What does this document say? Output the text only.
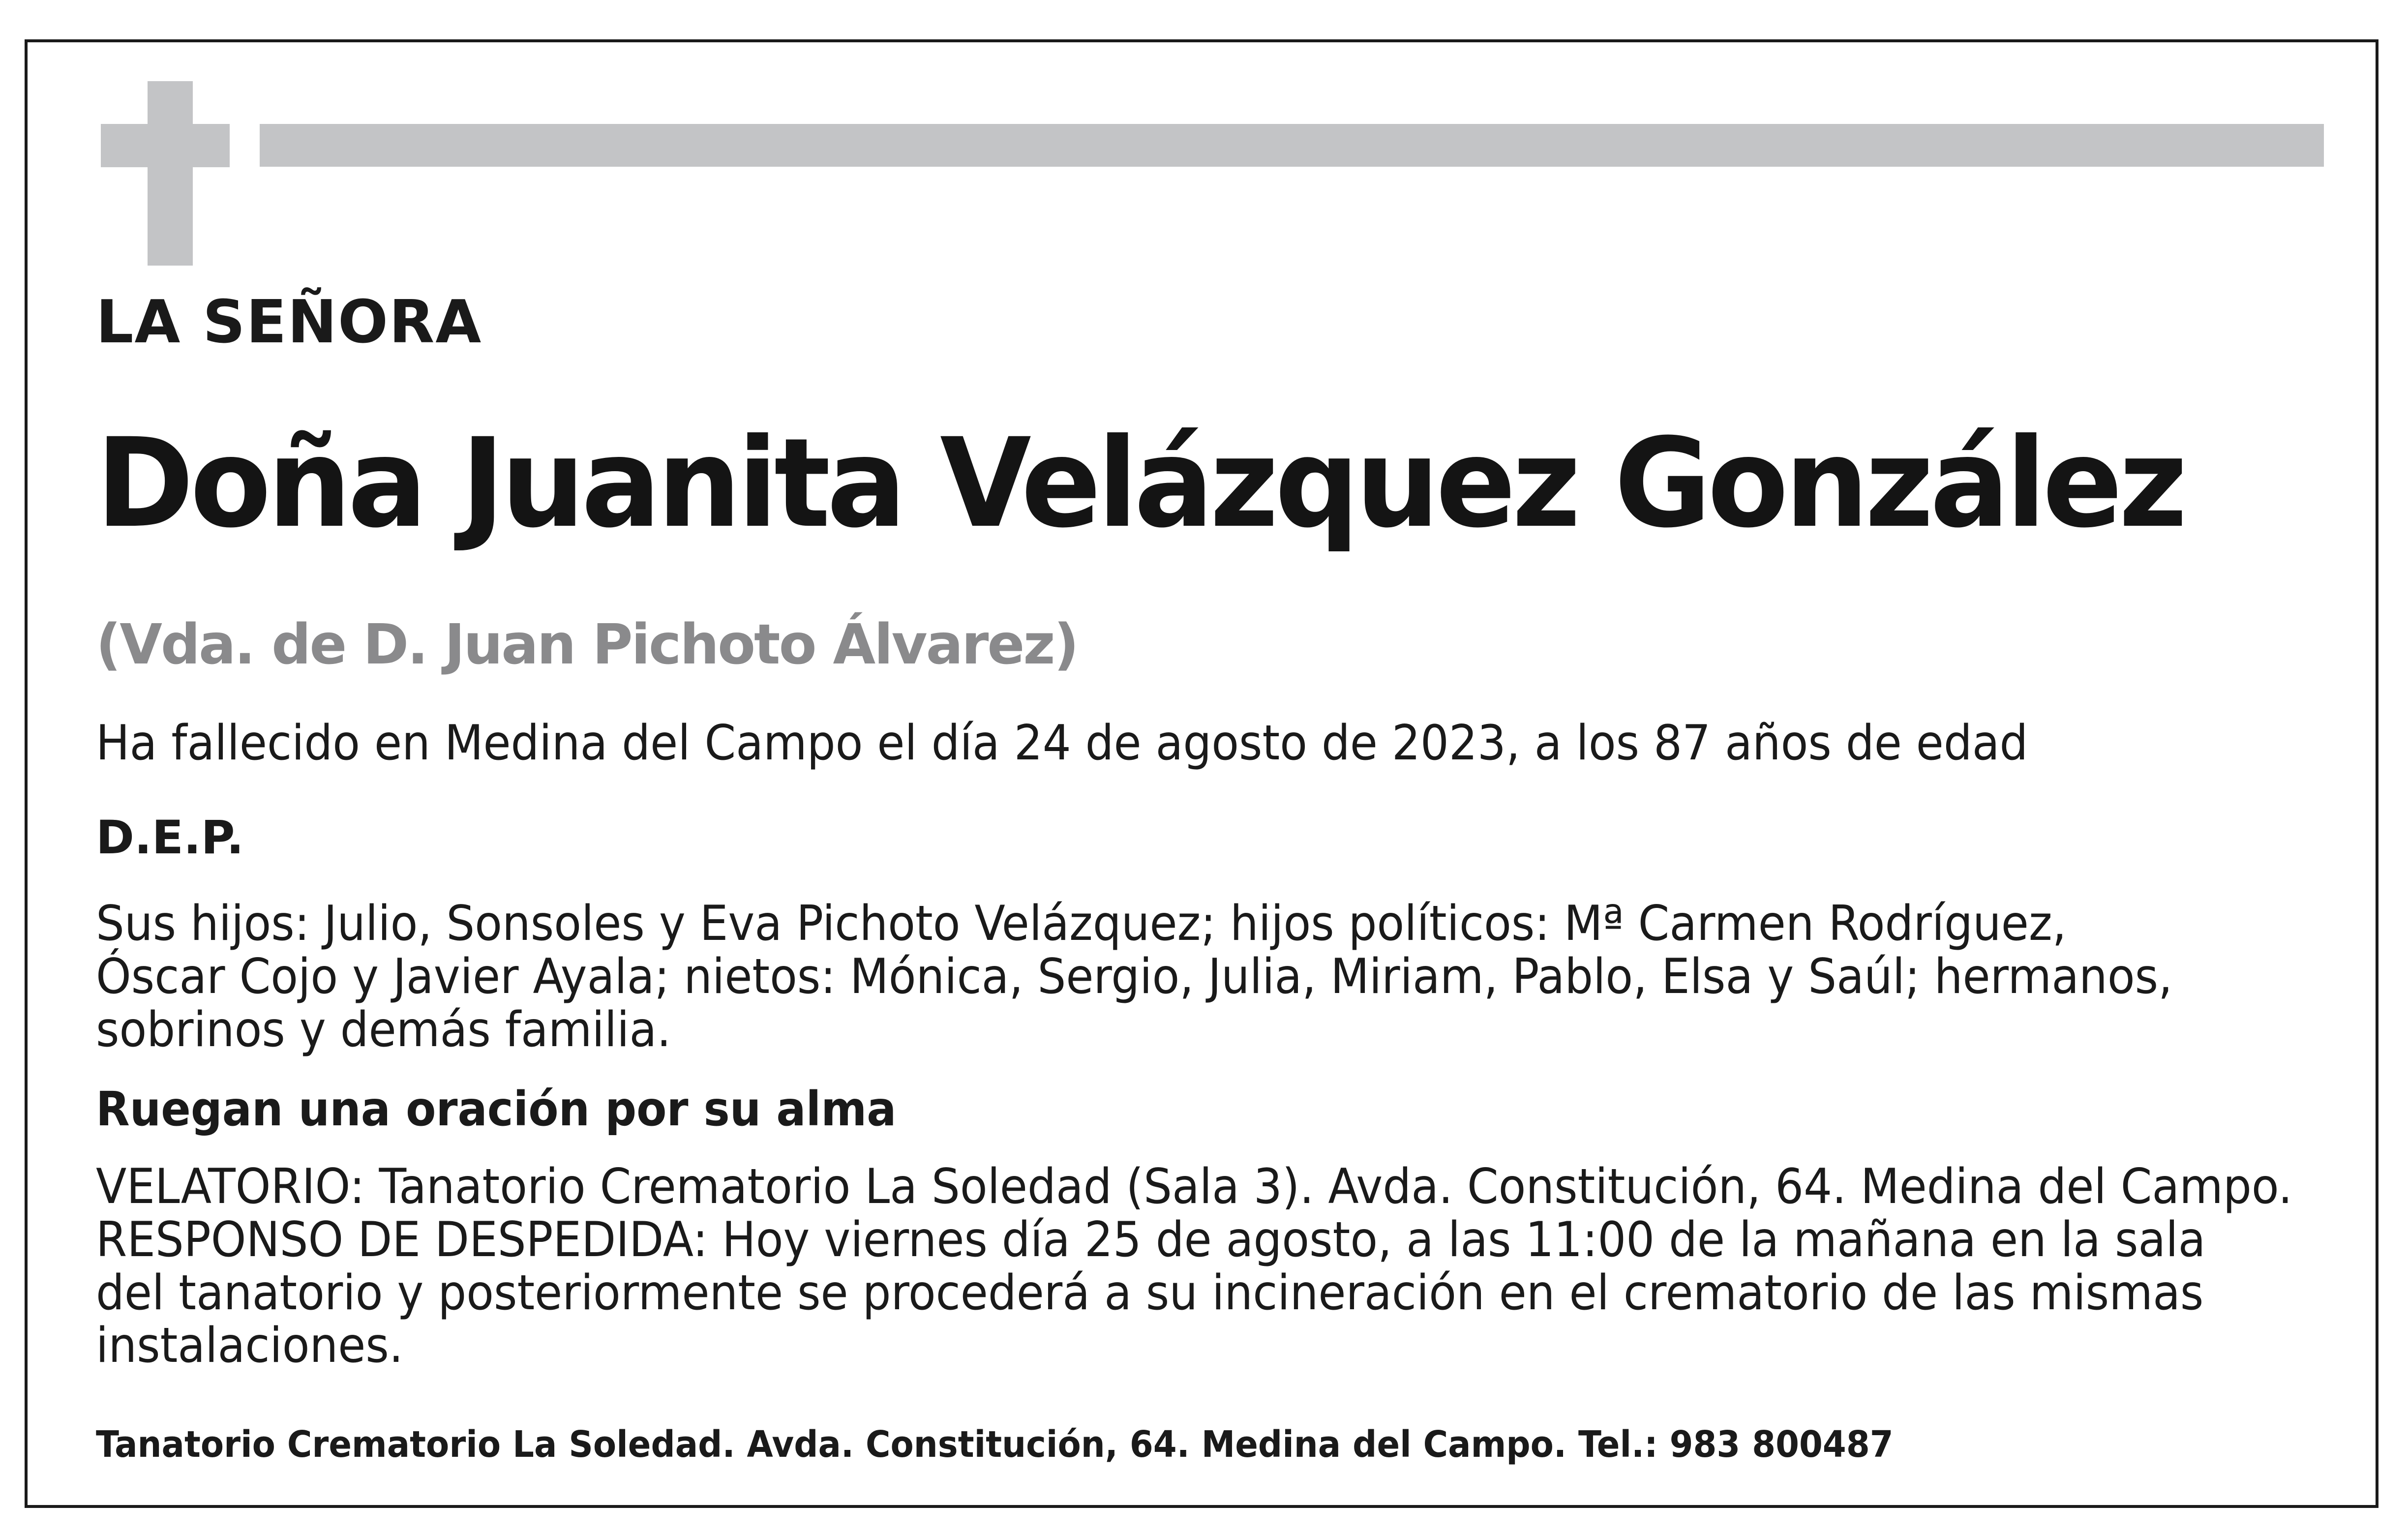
LA SEÑORA

Doña Juanita Velázquez González

(Vda. de D. Juan Pichoto Álvarez)

Ha fallecido en Medina del Campo el día 24 de agosto de 2023, a los 87 años de edad

D.E.P.

Sus hijos: Julio, Sonsoles y Eva Pichoto Velázquez; hijos políticos: Mª Carmen Rodríguez,
Óscar Cojo y Javier Ayala; nietos: Mónica, Sergio, Julia, Miriam, Pablo, Elsa y Saúl; hermanos,
sobrinos y demás familia.

Ruegan una oración por su alma

VELATORIO: Tanatorio Crematorio La Soledad (Sala 3). Avda. Constitución, 64. Medina del Campo.
RESPONSO DE DESPEDIDA: Hoy viernes día 25 de agosto, a las 11:00 de la mañana en la sala
del tanatorio y posteriormente se procederá a su incineración en el crematorio de las mismas
instalaciones.

Tanatorio Crematorio La Soledad. Avda. Constitución, 64. Medina del Campo. Tel.: 983 800487
